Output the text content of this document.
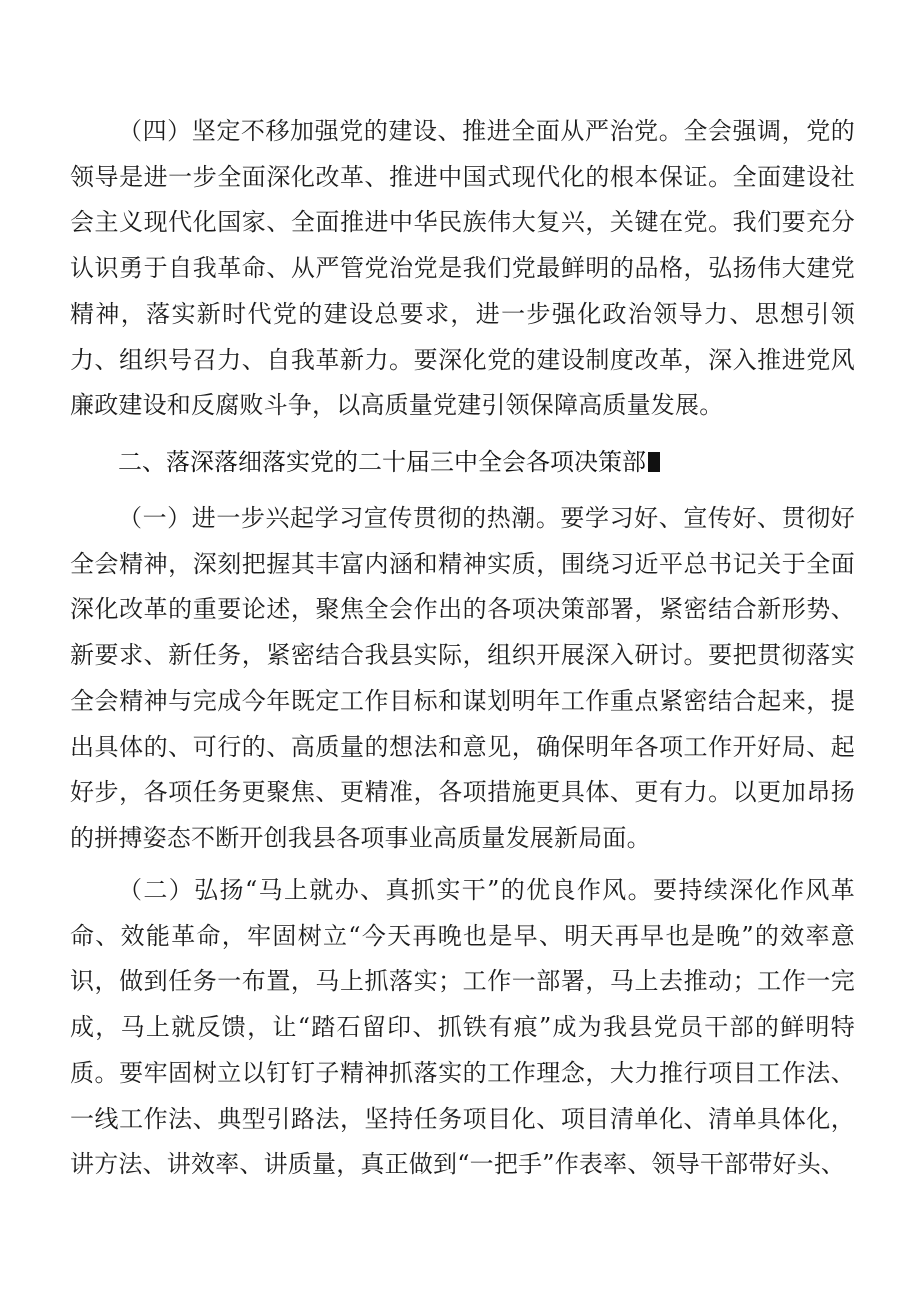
（四）坚定不移加强党的建设、推进全面从严治党。全会强调，党的领导是进一步全面深化改革、推进中国式现代化的根本保证。全面建设社会主义现代化国家、全面推进中华民族伟大复兴，关键在党。我们要充分认识勇于自我革命、从严管党治党是我们党最鲜明的品格，弘扬伟大建党精神，落实新时代党的建设总要求，进一步强化政治领导力、思想引领力、组织号召力、自我革新力。要深化党的建设制度改革，深入推进党风廉政建设和反腐败斗争，以高质量党建引领保障高质量发展。

二、落深落细落实党的二十届三中全会各项决策部

（一）进一步兴起学习宣传贯彻的热潮。要学习好、宣传好、贯彻好全会精神，深刻把握其丰富内涵和精神实质，围绕习近平总书记关于全面深化改革的重要论述，聚焦全会作出的各项决策部署，紧密结合新形势、新要求、新任务，紧密结合我县实际，组织开展深入研讨。要把贯彻落实全会精神与完成今年既定工作目标和谋划明年工作重点紧密结合起来，提出具体的、可行的、高质量的想法和意见，确保明年各项工作开好局、起好步，各项任务更聚焦、更精准，各项措施更具体、更有力。以更加昂扬的拼搏姿态不断开创我县各项事业高质量发展新局面。

（二）弘扬“马上就办、真抓实干”的优良作风。要持续深化作风革命、效能革命，牢固树立“今天再晚也是早、明天再早也是晚”的效率意识，做到任务一布置，马上抓落实；工作一部署，马上去推动；工作一完成，马上就反馈，让“踏石留印、抓铁有痕”成为我县党员干部的鲜明特质。要牢固树立以钉钉子精神抓落实的工作理念，大力推行项目工作法、一线工作法、典型引路法，坚持任务项目化、项目清单化、清单具体化，讲方法、讲效率、讲质量，真正做到“一把手”作表率、领导干部带好头、
